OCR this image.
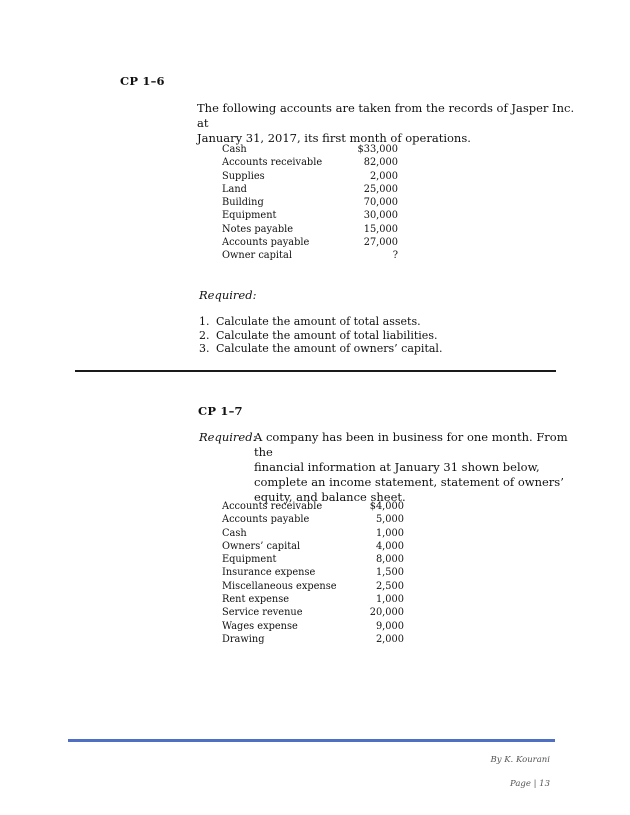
CP 1–6
The following accounts are taken from the records of Jasper Inc. at
January 31, 2017, its first month of operations.
Cash	$33,000
Accounts receivable	82,000
Supplies	2,000
Land	25,000
Building	70,000
Equipment	30,000
Notes payable	15,000
Accounts payable	27,000
Owner capital	?
Required:
1. Calculate the amount of total assets.
2. Calculate the amount of total liabilities.
3. Calculate the amount of owners’ capital.
CP 1–7
Required:
A company has been in business for one month. From the
financial information at January 31 shown below,
complete an income statement, statement of owners’
equity, and balance sheet.
Accounts receivable	$4,000
Accounts payable	5,000
Cash	1,000
Owners’ capital	4,000
Equipment	8,000
Insurance expense	1,500
Miscellaneous expense	2,500
Rent expense	1,000
Service revenue	20,000
Wages expense	9,000
Drawing	2,000
By K. Kourani
Page | 13
